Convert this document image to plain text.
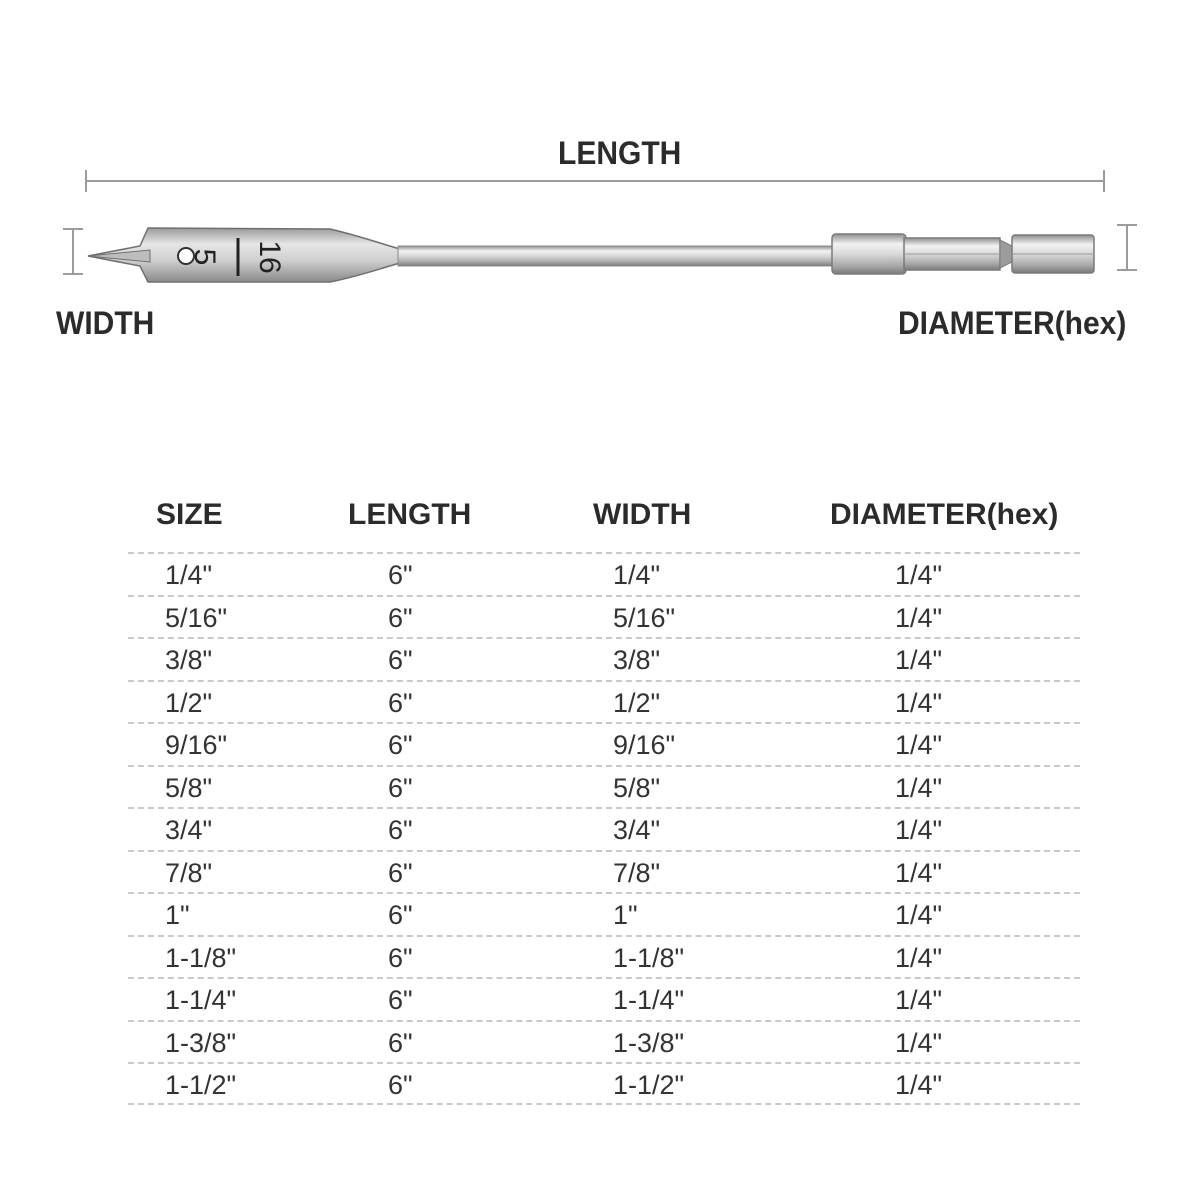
5 16
LENGTH
WIDTH	DIAMETER(hex)
SIZE	LENGTH	WIDTH	DIAMETER(hex)
1/4"	6"	1/4"	1/4"
5/16"	6"	5/16"	1/4"
3/8"	6"	3/8"	1/4"
1/2"	6"	1/2"	1/4"
9/16"	6"	9/16"	1/4"
5/8"	6"	5/8"	1/4"
3/4"	6"	3/4"	1/4"
7/8"	6"	7/8"	1/4"
1"	6"	1"	1/4"
1-1/8"	6"	1-1/8"	1/4"
1-1/4"	6"	1-1/4"	1/4"
1-3/8"	6"	1-3/8"	1/4"
1-1/2"	6"	1-1/2"	1/4"
